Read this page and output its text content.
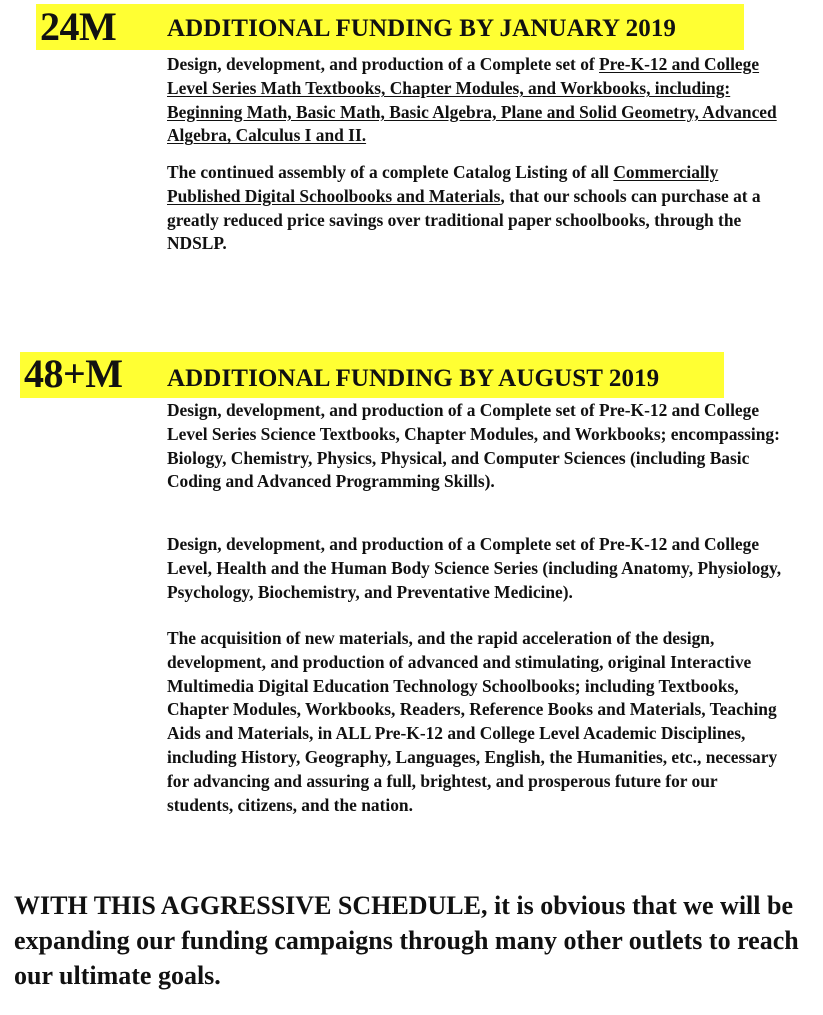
24M ADDITIONAL FUNDING BY JANUARY 2019

Design, development, and production of a Complete set of Pre-K-12 and College Level Series Math Textbooks, Chapter Modules, and Workbooks, including: Beginning Math, Basic Math, Basic Algebra, Plane and Solid Geometry, Advanced Algebra, Calculus I and II.

The continued assembly of a complete Catalog Listing of all Commercially Published Digital Schoolbooks and Materials, that our schools can purchase at a greatly reduced price savings over traditional paper schoolbooks, through the NDSLP.

48+M ADDITIONAL FUNDING BY AUGUST 2019

Design, development, and production of a Complete set of Pre-K-12 and College Level Series Science Textbooks, Chapter Modules, and Workbooks; encompassing: Biology, Chemistry, Physics, Physical, and Computer Sciences (including Basic Coding and Advanced Programming Skills).

Design, development, and production of a Complete set of Pre-K-12 and College Level, Health and the Human Body Science Series (including Anatomy, Physiology, Psychology, Biochemistry, and Preventative Medicine).

The acquisition of new materials, and the rapid acceleration of the design, development, and production of advanced and stimulating, original Interactive Multimedia Digital Education Technology Schoolbooks; including Textbooks, Chapter Modules, Workbooks, Readers, Reference Books and Materials, Teaching Aids and Materials, in ALL Pre-K-12 and College Level Academic Disciplines, including History, Geography, Languages, English, the Humanities, etc., necessary for advancing and assuring a full, brightest, and prosperous future for our students, citizens, and the nation.

WITH THIS AGGRESSIVE SCHEDULE, it is obvious that we will be expanding our funding campaigns through many other outlets to reach our ultimate goals.
